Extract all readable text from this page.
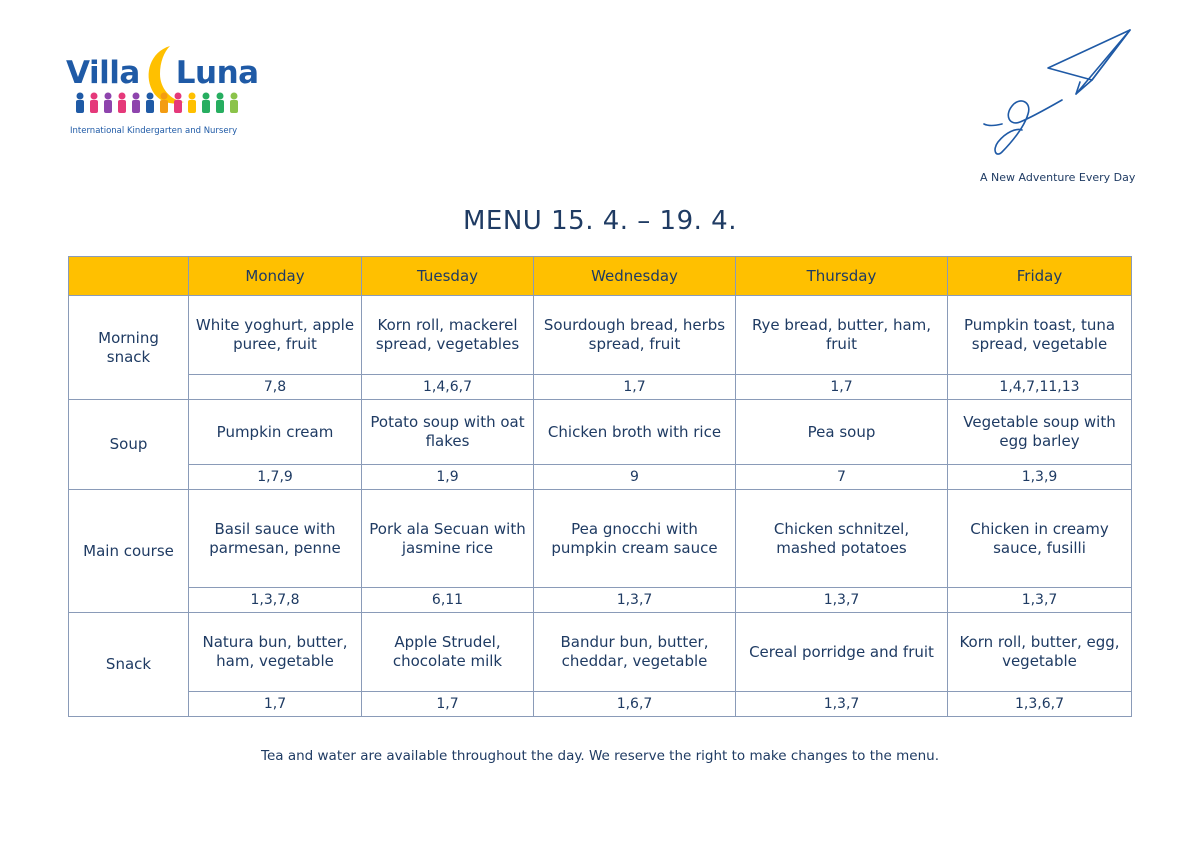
Villa Luna
International Kindergarten and Nursery
A New Adventure Every Day
MENU 15. 4. – 19. 4.
	Monday	Tuesday	Wednesday	Thursday	Friday
Morning snack	White yoghurt, apple puree, fruit	Korn roll, mackerel spread, vegetables	Sourdough bread, herbs spread, fruit	Rye bread, butter, ham, fruit	Pumpkin toast, tuna spread, vegetable
	7,8	1,4,6,7	1,7	1,7	1,4,7,11,13
Soup	Pumpkin cream	Potato soup with oat flakes	Chicken broth with rice	Pea soup	Vegetable soup with egg barley
	1,7,9	1,9	9	7	1,3,9
Main course	Basil sauce with parmesan, penne	Pork ala Secuan with jasmine rice	Pea gnocchi with pumpkin cream sauce	Chicken schnitzel, mashed potatoes	Chicken in creamy sauce, fusilli
	1,3,7,8	6,11	1,3,7	1,3,7	1,3,7
Snack	Natura bun, butter, ham, vegetable	Apple Strudel, chocolate milk	Bandur bun, butter, cheddar, vegetable	Cereal porridge and fruit	Korn roll, butter, egg, vegetable
	1,7	1,7	1,6,7	1,3,7	1,3,6,7
Tea and water are available throughout the day. We reserve the right to make changes to the menu.
